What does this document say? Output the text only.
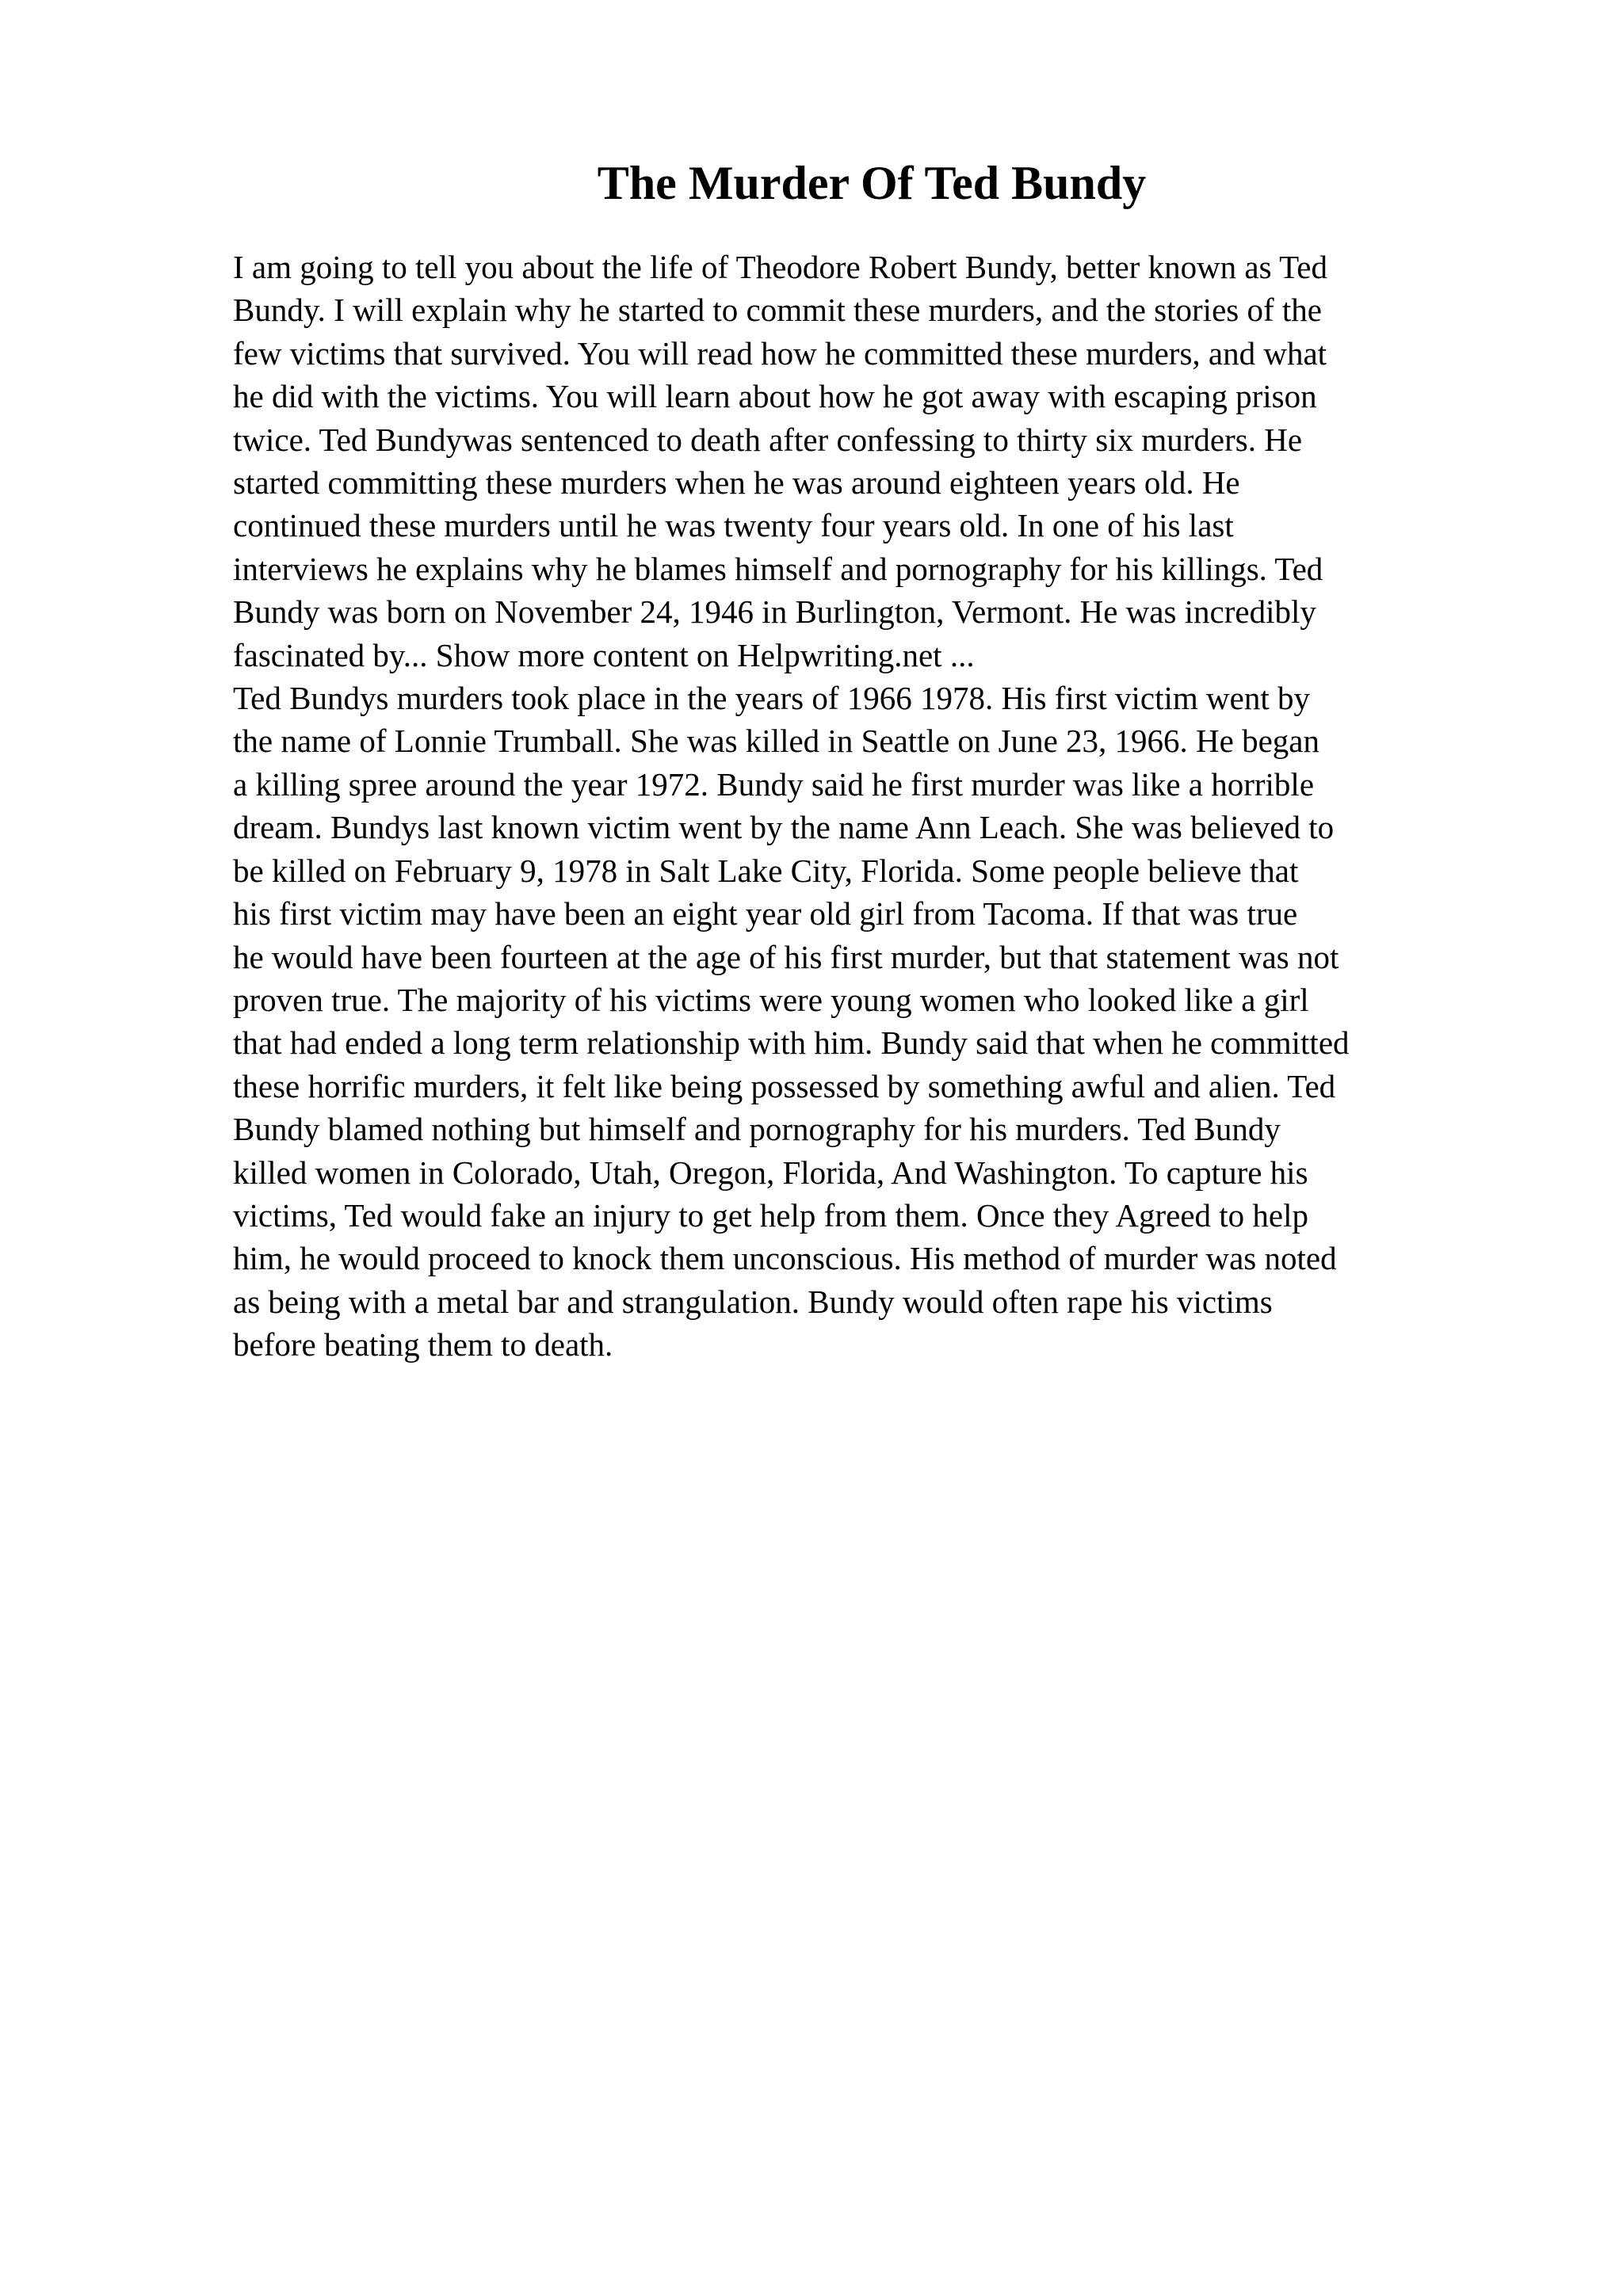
The Murder Of Ted Bundy
I am going to tell you about the life of Theodore Robert Bundy, better known as Ted
Bundy. I will explain why he started to commit these murders, and the stories of the
few victims that survived. You will read how he committed these murders, and what
he did with the victims. You will learn about how he got away with escaping prison
twice. Ted Bundywas sentenced to death after confessing to thirty six murders. He
started committing these murders when he was around eighteen years old. He
continued these murders until he was twenty four years old. In one of his last
interviews he explains why he blames himself and pornography for his killings. Ted
Bundy was born on November 24, 1946 in Burlington, Vermont. He was incredibly
fascinated by... Show more content on Helpwriting.net ...
Ted Bundys murders took place in the years of 1966 1978. His first victim went by
the name of Lonnie Trumball. She was killed in Seattle on June 23, 1966. He began
a killing spree around the year 1972. Bundy said he first murder was like a horrible
dream. Bundys last known victim went by the name Ann Leach. She was believed to
be killed on February 9, 1978 in Salt Lake City, Florida. Some people believe that
his first victim may have been an eight year old girl from Tacoma. If that was true
he would have been fourteen at the age of his first murder, but that statement was not
proven true. The majority of his victims were young women who looked like a girl
that had ended a long term relationship with him. Bundy said that when he committed
these horrific murders, it felt like being possessed by something awful and alien. Ted
Bundy blamed nothing but himself and pornography for his murders. Ted Bundy
killed women in Colorado, Utah, Oregon, Florida, And Washington. To capture his
victims, Ted would fake an injury to get help from them. Once they Agreed to help
him, he would proceed to knock them unconscious. His method of murder was noted
as being with a metal bar and strangulation. Bundy would often rape his victims
before beating them to death.
